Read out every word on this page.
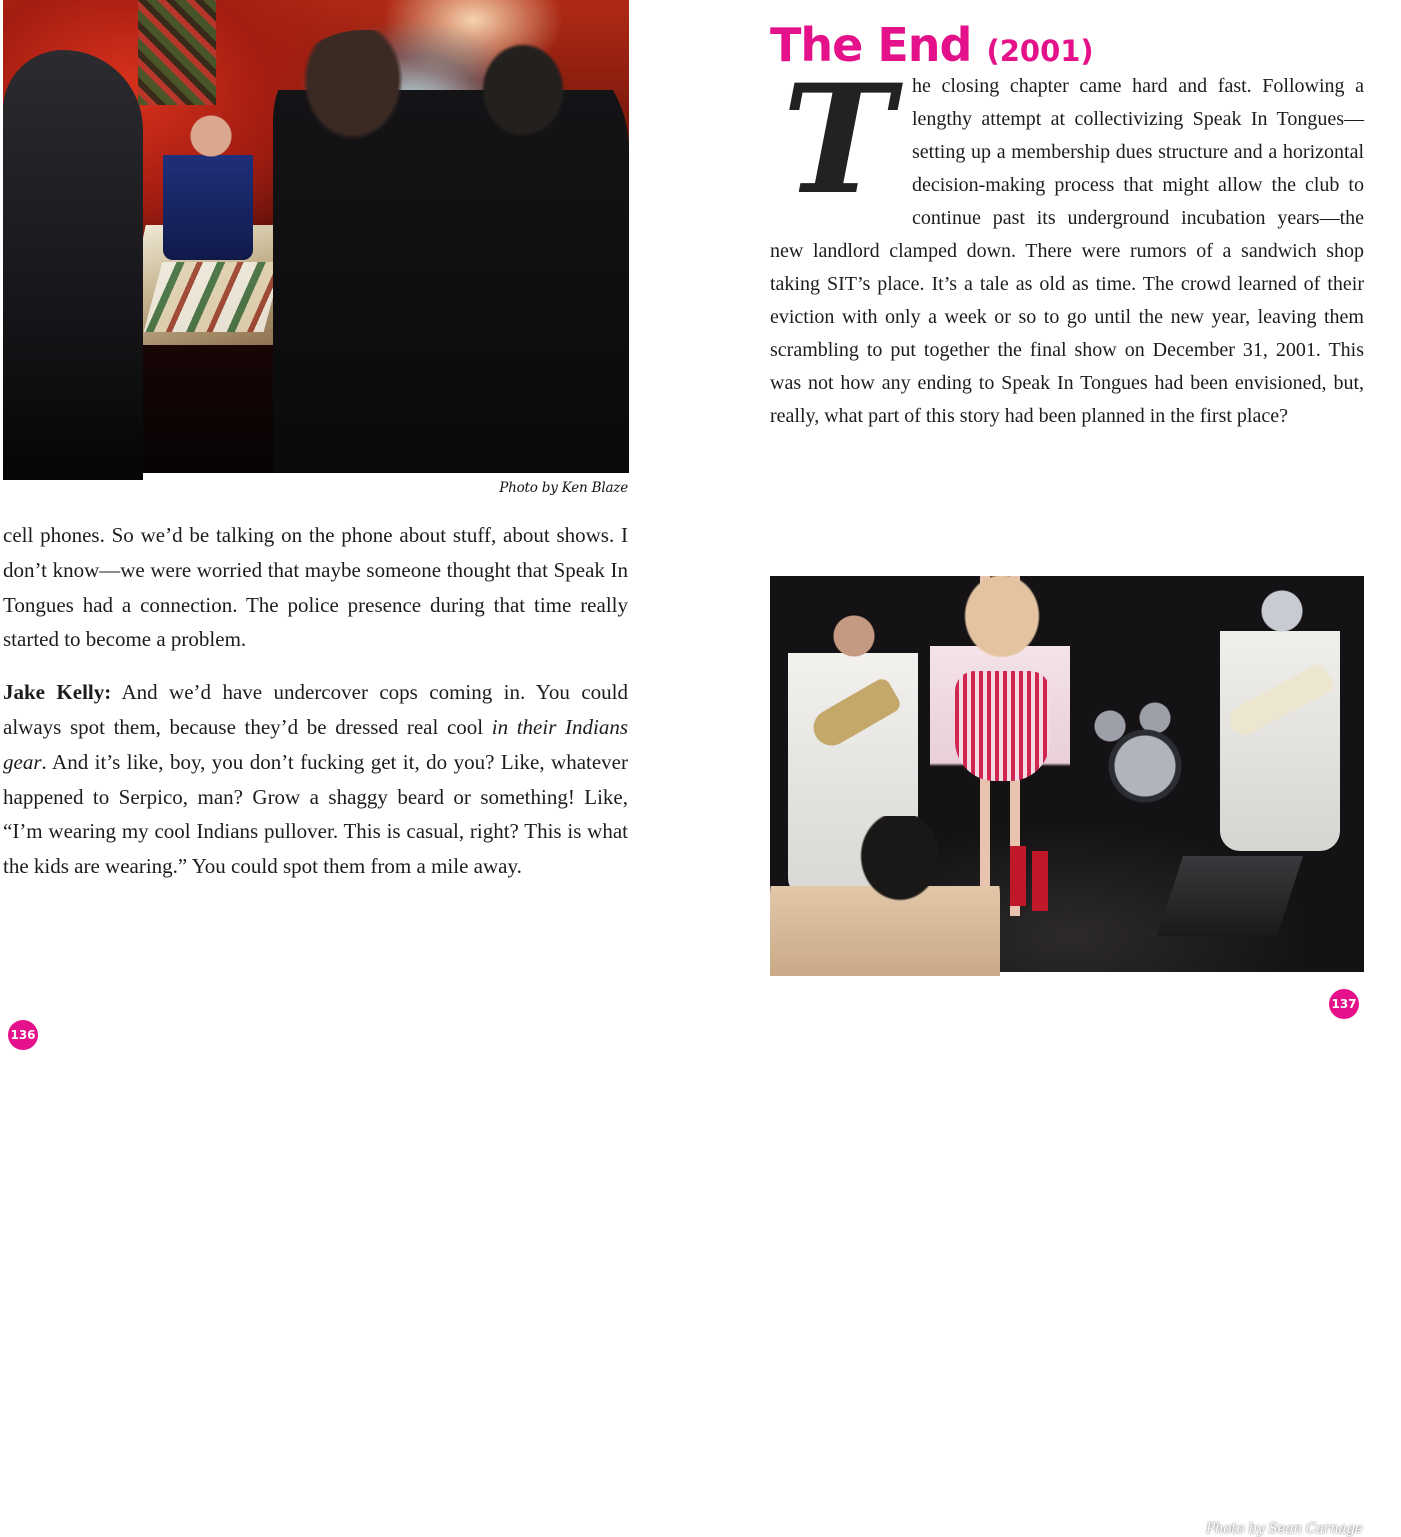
Photo by Ken Blaze

cell phones. So we’d be talking on the phone about stuff, about shows. I don’t know—we were worried that maybe someone thought that Speak In Tongues had a connection. The police presence during that time really started to become a problem.

Jake Kelly: And we’d have undercover cops coming in. You could always spot them, because they’d be dressed real cool in their Indians gear. And it’s like, boy, you don’t fucking get it, do you? Like, whatever happened to Serpico, man? Grow a shaggy beard or something! Like, “I’m wearing my cool Indians pullover. This is casual, right? This is what the kids are wearing.” You could spot them from a mile away.

136
The End (2001)

The closing chapter came hard and fast. Following a lengthy attempt at collectivizing Speak In Tongues—setting up a membership dues structure and a horizontal decision-making process that might allow the club to continue past its underground incubation years—the new landlord clamped down. There were rumors of a sandwich shop taking SIT’s place. It’s a tale as old as time. The crowd learned of their eviction with only a week or so to go until the new year, leaving them scrambling to put together the final show on December 31, 2001. This was not how any ending to Speak In Tongues had been envisioned, but, really, what part of this story had been planned in the first place?

Photo by Sean Carnage
137
